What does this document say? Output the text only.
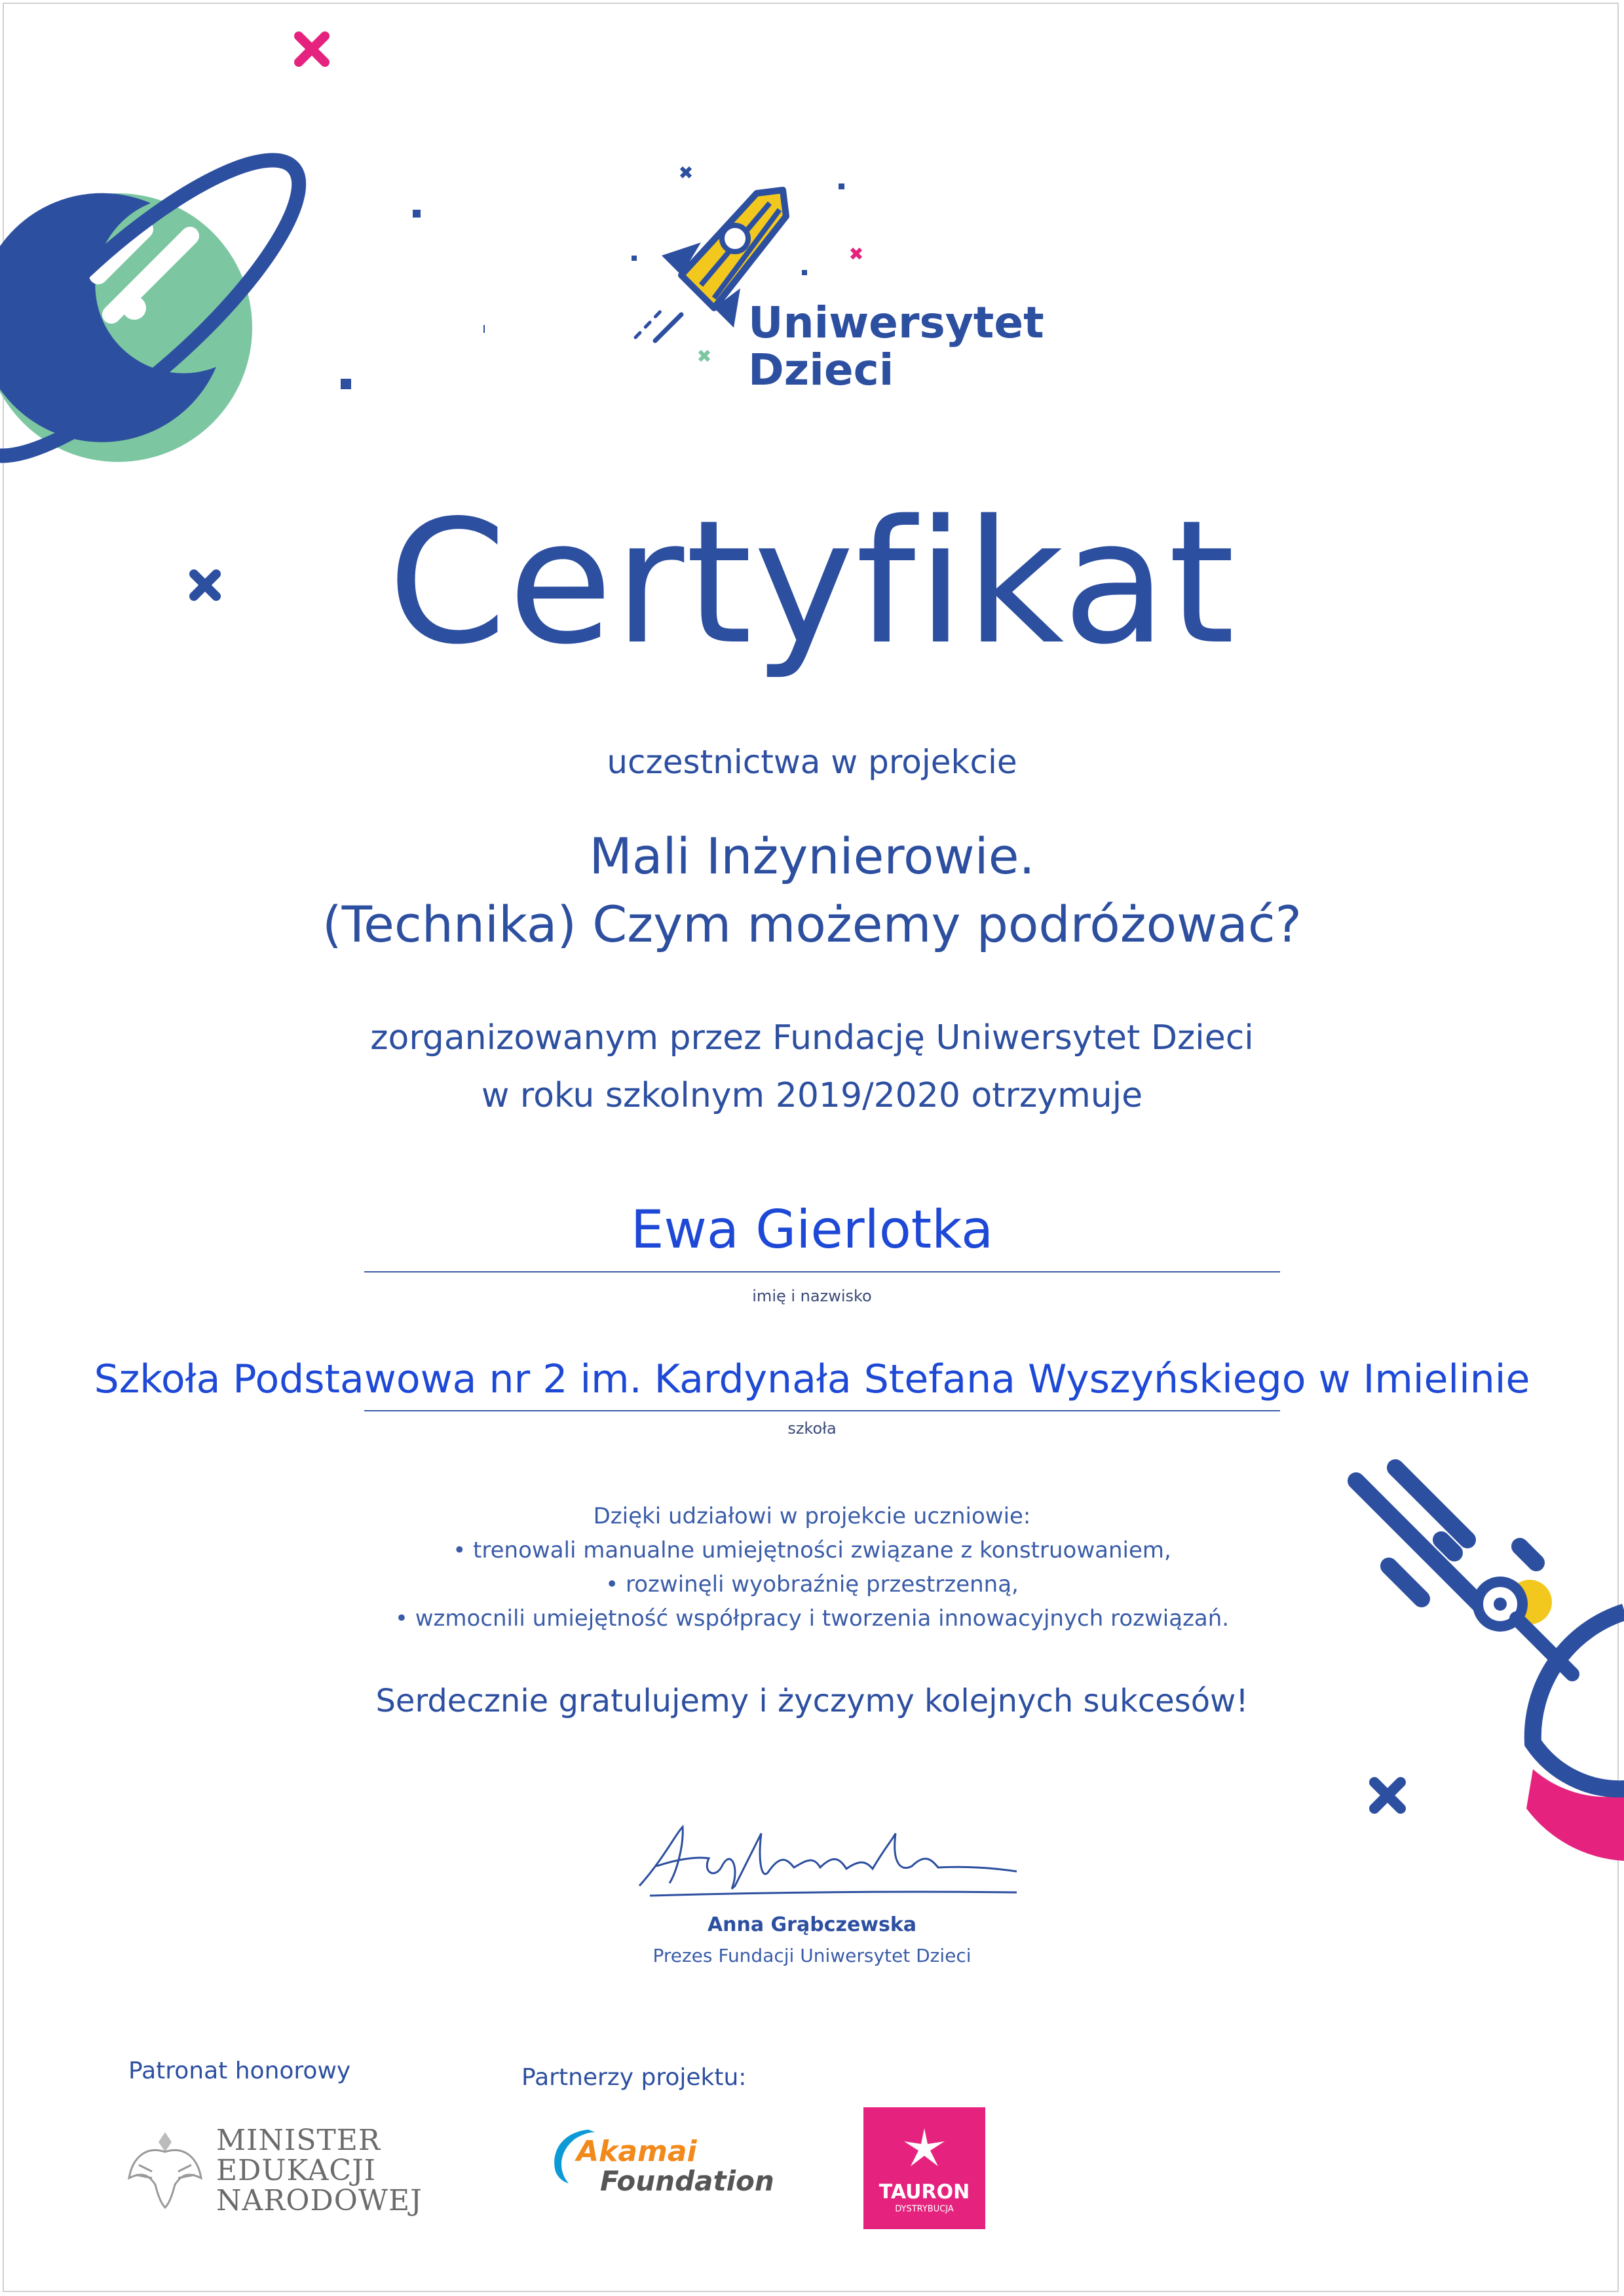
Uniwersytet
Dzieci
Certyfikat
uczestnictwa w projekcie
Mali Inżynierowie.
(Technika) Czym możemy podróżować?
zorganizowanym przez Fundację Uniwersytet Dzieci
w roku szkolnym 2019/2020 otrzymuje
Ewa Gierlotka
imię i nazwisko
Szkoła Podstawowa nr 2 im. Kardynała Stefana Wyszyńskiego w Imielinie
szkoła
Dzięki udziałowi w projekcie uczniowie:
• trenowali manualne umiejętności związane z konstruowaniem,
• rozwinęli wyobraźnię przestrzenną,
• wzmocnili umiejętność współpracy i tworzenia innowacyjnych rozwiązań.
Serdecznie gratulujemy i życzymy kolejnych sukcesów!
Anna Grąbczewska
Prezes Fundacji Uniwersytet Dzieci
Patronat honorowy
MINISTER
EDUKACJI
NARODOWEJ
Partnerzy projektu:
Akamai
Foundation	TAURON
DYSTRYBUCJA
